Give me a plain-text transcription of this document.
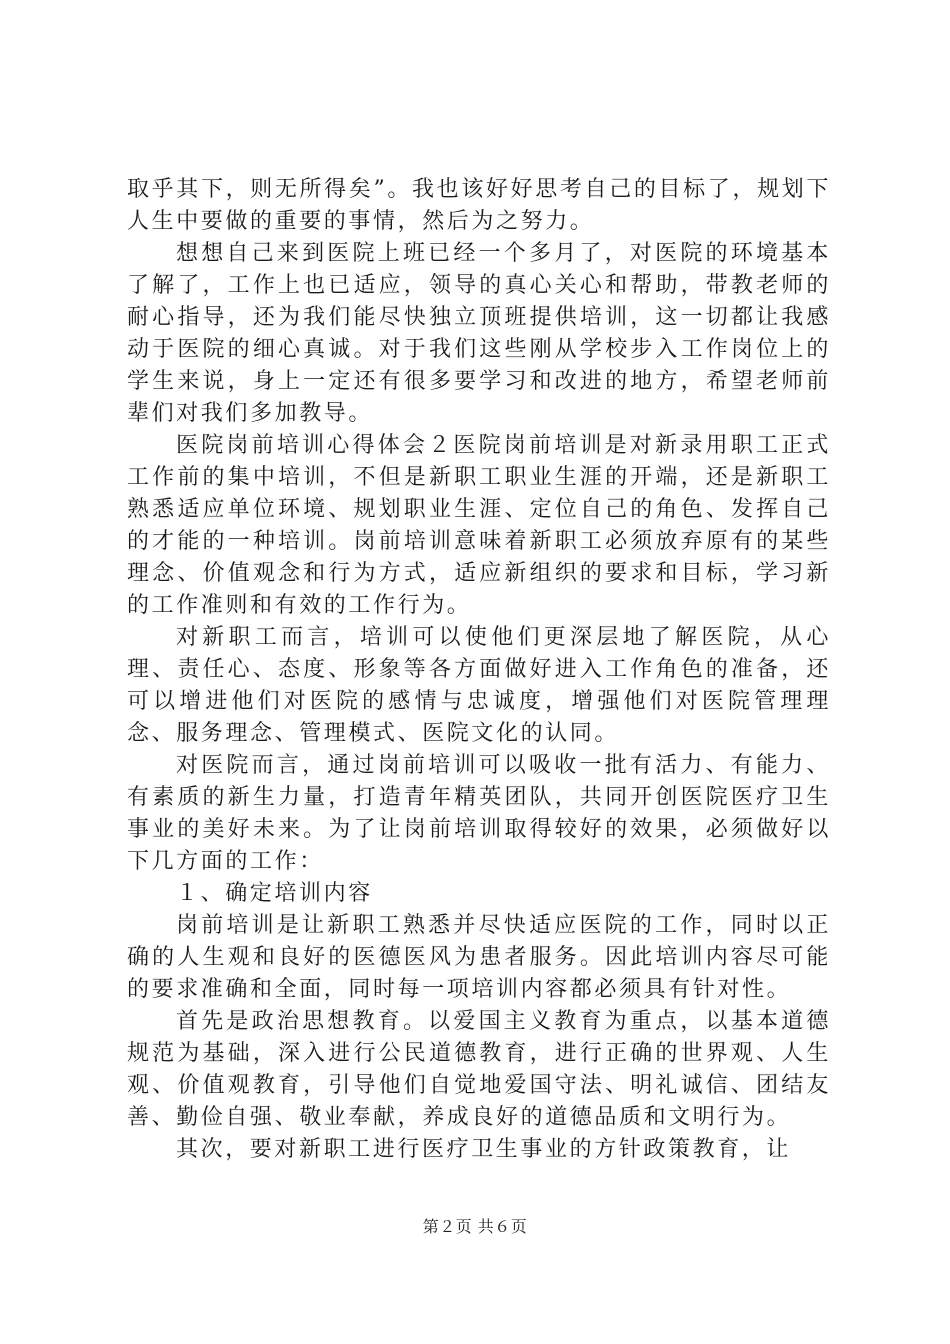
取乎其下，则无所得矣”。我也该好好思考自己的目标了，规划下人生中要做的重要的事情，然后为之努力。

想想自己来到医院上班已经一个多月了，对医院的环境基本了解了，工作上也已适应，领导的真心关心和帮助，带教老师的耐心指导，还为我们能尽快独立顶班提供培训，这一切都让我感动于医院的细心真诚。对于我们这些刚从学校步入工作岗位上的学生来说，身上一定还有很多要学习和改进的地方，希望老师前辈们对我们多加教导。

医院岗前培训心得体会２医院岗前培训是对新录用职工正式工作前的集中培训，不但是新职工职业生涯的开端，还是新职工熟悉适应单位环境、规划职业生涯、定位自己的角色、发挥自己的才能的一种培训。岗前培训意味着新职工必须放弃原有的某些理念、价值观念和行为方式，适应新组织的要求和目标，学习新的工作准则和有效的工作行为。

对新职工而言，培训可以使他们更深层地了解医院，从心理、责任心、态度、形象等各方面做好进入工作角色的准备，还可以增进他们对医院的感情与忠诚度，增强他们对医院管理理念、服务理念、管理模式、医院文化的认同。

对医院而言，通过岗前培训可以吸收一批有活力、有能力、有素质的新生力量，打造青年精英团队，共同开创医院医疗卫生事业的美好未来。为了让岗前培训取得较好的效果，必须做好以下几方面的工作：

１、确定培训内容

岗前培训是让新职工熟悉并尽快适应医院的工作，同时以正确的人生观和良好的医德医风为患者服务。因此培训内容尽可能的要求准确和全面，同时每一项培训内容都必须具有针对性。

首先是政治思想教育。以爱国主义教育为重点，以基本道德规范为基础，深入进行公民道德教育，进行正确的世界观、人生观、价值观教育，引导他们自觉地爱国守法、明礼诚信、团结友善、勤俭自强、敬业奉献，养成良好的道德品质和文明行为。

其次，要对新职工进行医疗卫生事业的方针政策教育，让

第２页 共６页
